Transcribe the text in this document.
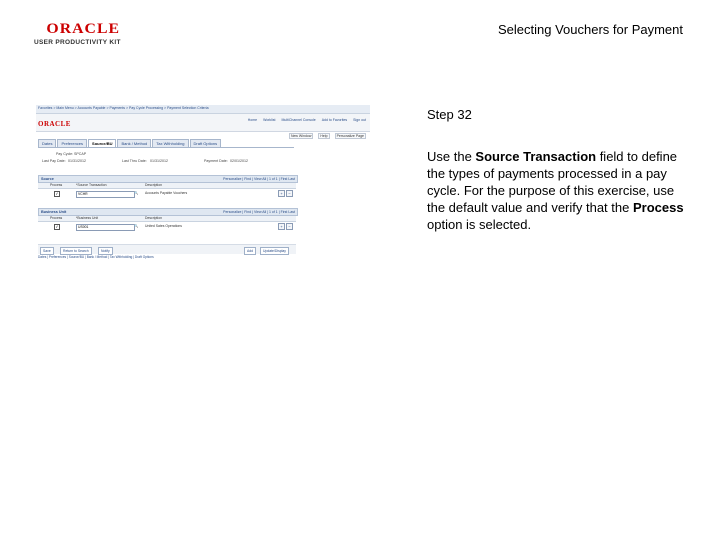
ORACLE
USER PRODUCTIVITY KIT
Selecting Vouchers for Payment
Favorites > Main Menu > Accounts Payable > Payments > Pay Cycle Processing > Payment Selection Criteria
ORACLE	Home Worklist MultiChannel Console Add to Favorites Sign out
New Window	Help	Personalize Page
Dates	Preferences	Source/BU	Bank / Method	Tax Withholding	Draft Options
Pay Cycle: SPCAP
Last Pay Date: 01/31/2012	Last Thru Date: 01/31/2012	Payment Date: 02/01/2012
Source	Personalize | Find | View All | 1 of 1 | First Last
Process	*Source Transaction	Description
✓	VCHR	🔍 Accounts Payable Vouchers	+	−
Business Unit	Personalize | Find | View All | 1 of 1 | First Last
Process	*Business Unit	Description
✓	US001	🔍 United Sates Operations	+	−
Save	Return to Search	Notify	Add	Update/Display
Dates | Preferences | Source/BU | Bank / Method | Tax Withholding | Draft Options
Step 32
Use the Source Transaction field to define the types of payments processed in a pay cycle. For the purpose of this exercise, use the default value and verify that the Process option is selected.
